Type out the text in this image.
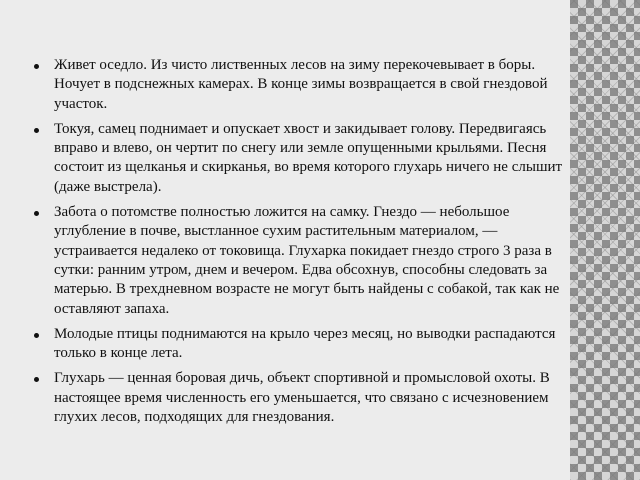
Живет оседло. Из чисто лиственных лесов на зиму перекочевывает в боры. Ночует в подснежных камерах. В конце зимы возвращается в свой гнездовой участок.
Токуя, самец поднимает и опускает хвост и закидывает голову. Передвигаясь вправо и влево, он чертит по снегу или земле опущенными крыльями. Песня состоит из щелканья и скирканья, во время которого глухарь ничего не слышит (даже выстрела).
Забота о потомстве полностью ложится на самку. Гнездо — небольшое углубление в почве, выстланное сухим растительным материалом, — устраивается недалеко от токовища. Глухарка покидает гнездо строго 3 раза в сутки: ранним утром, днем и вечером. Едва обсохнув, способны следовать за матерью. В трехдневном возрасте не могут быть найдены с собакой, так как не оставляют запаха.
Молодые птицы поднимаются на крыло через месяц, но выводки распадаются только в конце лета.
Глухарь — ценная боровая дичь, объект спортивной и промысловой охоты. В настоящее время численность его уменьшается, что связано с исчезновением глухих лесов, подходящих для гнездования.
